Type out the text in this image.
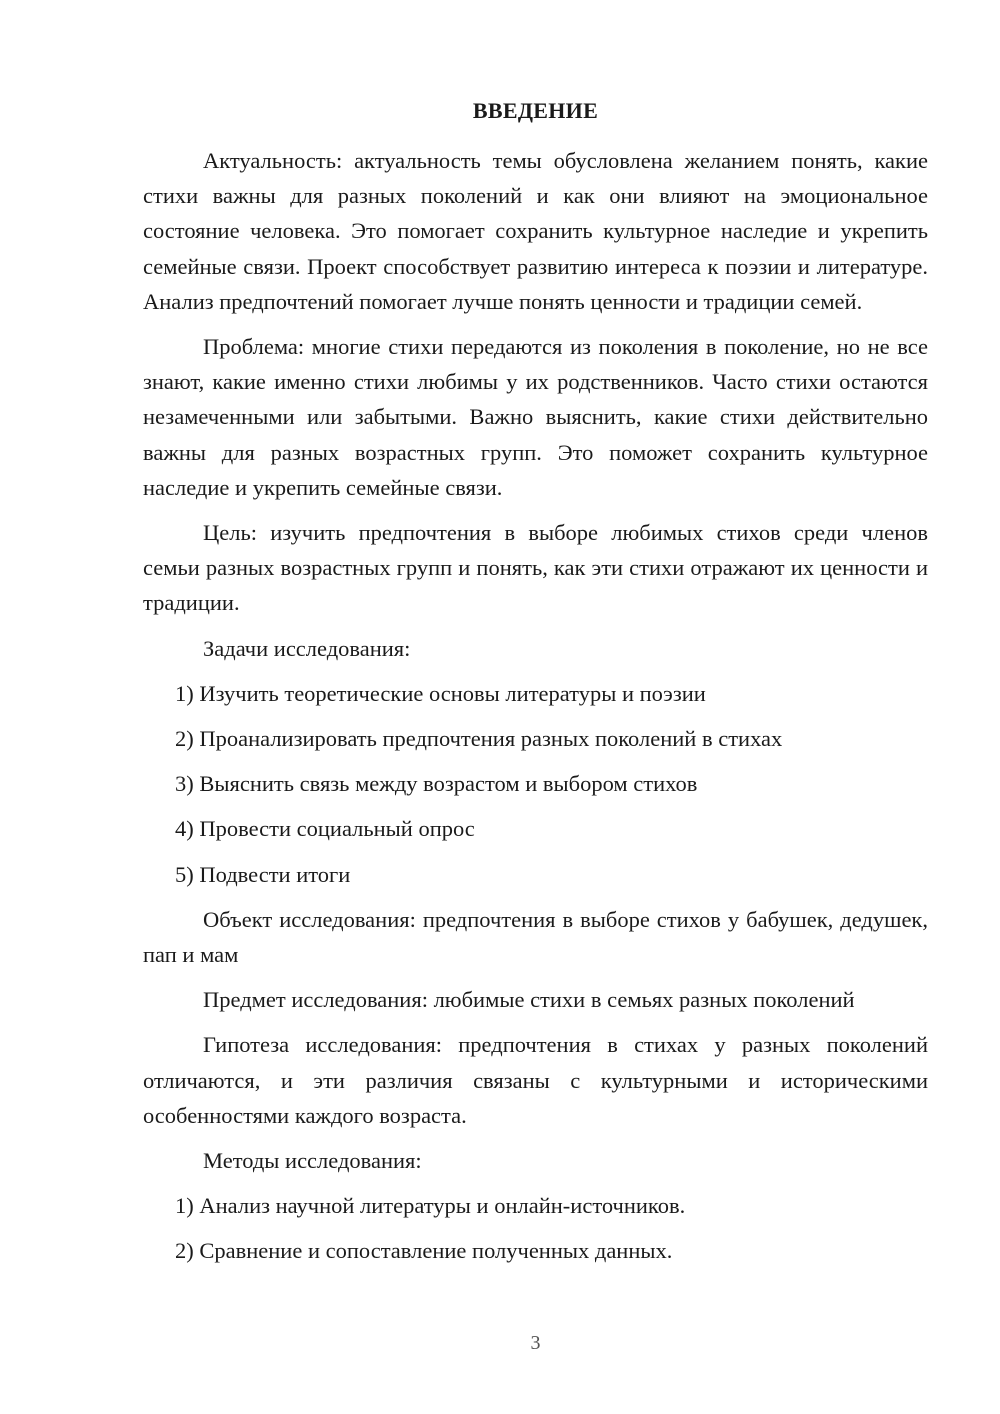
ВВЕДЕНИЕ

Актуальность: актуальность темы обусловлена желанием понять, какие стихи важны для разных поколений и как они влияют на эмоциональное состояние человека. Это помогает сохранить культурное наследие и укрепить семейные связи. Проект способствует развитию интереса к поэзии и литературе. Анализ предпочтений помогает лучше понять ценности и традиции семей.

Проблема: многие стихи передаются из поколения в поколение, но не все знают, какие именно стихи любимы у их родственников. Часто стихи остаются незамеченными или забытыми. Важно выяснить, какие стихи действительно важны для разных возрастных групп. Это поможет сохранить культурное наследие и укрепить семейные связи.

Цель: изучить предпочтения в выборе любимых стихов среди членов семьи разных возрастных групп и понять, как эти стихи отражают их ценности и традиции.

Задачи исследования:

1) Изучить теоретические основы литературы и поэзии

2) Проанализировать предпочтения разных поколений в стихах

3) Выяснить связь между возрастом и выбором стихов

4) Провести социальный опрос

5) Подвести итоги

Объект исследования: предпочтения в выборе стихов у бабушек, дедушек, пап и мам

Предмет исследования: любимые стихи в семьях разных поколений

Гипотеза исследования: предпочтения в стихах у разных поколений отличаются, и эти различия связаны с культурными и историческими особенностями каждого возраста.

Методы исследования:

1) Анализ научной литературы и онлайн-источников.

2) Сравнение и сопоставление полученных данных.

3
